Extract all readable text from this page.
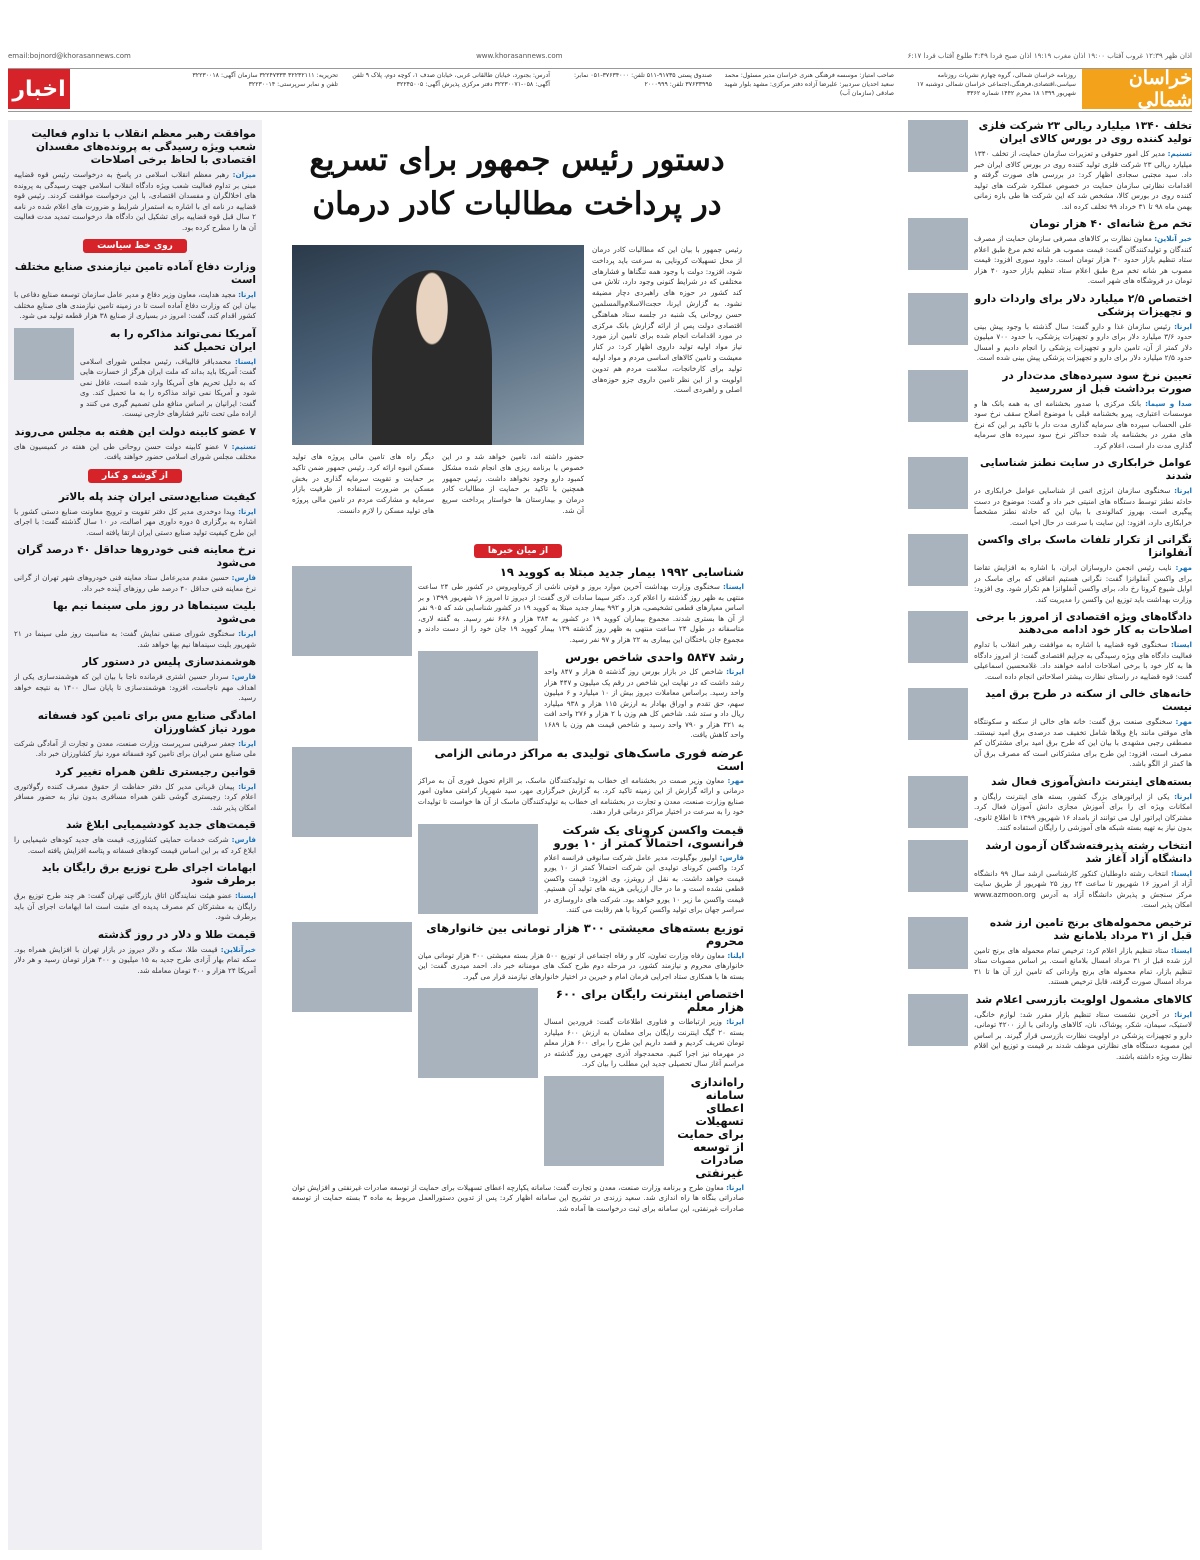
اذان ظهر ۱۲:۳۹ غروب آفتاب ۱۹:۰۰ اذان مغرب ۱۹:۱۹ اذان صبح فردا ۴:۴۹ طلوع آفتاب فردا ۶:۱۷
www.khorasannews.com
email:bojnord@khorasannews.com
خراسان شمالی
روزنامه خراسان شمالی، گروه چهارم نشریات روزنامه سیاسی،اقتصادی،فرهنگی،اجتماعی خراسان شمالی دوشنبه ۱۷ شهریور ۱۳۹۹ ۱۸ محرم ۱۴۴۲ شماره ۳۳۶۲
صاحب امتیاز: موسسه فرهنگی هنری خراسان مدیر مسئول: محمد سعید احدیان سردبیر: علیرضا آزاده دفتر مرکزی: مشهد بلوار شهید صادقی (سازمان آب)
صندوق پستی ۹۱۷۳۵-۵۱۱ تلفن: ۳۷۶۳۴۰۰۰-۰۵۱ نمابر: ۳۷۶۳۳۹۹۵ تلفن: ۲۰۰۰۹۹۹
آدرس: بجنورد، خیابان طالقانی غربی، خیابان صدف ۱، کوچه دوم، پلاک ۹ تلفن آگهی: ۰۵۸-۳۲۲۳۰۰۷۱ دفتر مرکزی پذیرش آگهی: ۳۲۲۴۵۰۰۵
تحریریه: ۳۲۲۳۲۱۱۱ ۳۲۲۴۷۳۳۳ سازمان آگهی: ۳۲۲۳۰۰۱۸ تلفن و نمابر سرپرستی: ۳۲۲۳۰۰۱۴
اخبار
تخلف ۱۳۴۰ میلیارد ریالی ۲۳ شرکت فلزی تولید کننده روی در بورس کالای ایران

تسنیم: مدیر کل امور حقوقی و تعزیرات سازمان حمایت، از تخلف ۱۳۴۰ میلیارد ریالی ۲۳ شرکت فلزی تولید کننده روی در بورس کالای ایران خبر داد. سید مجتبی سجادی اظهار کرد: در بررسی های صورت گرفته و اقدامات نظارتی سازمان حمایت در خصوص عملکرد شرکت های تولید کننده روی در بورس کالا، مشخص شد که این شرکت ها طی بازه زمانی بهمن ماه ۹۸ تا ۳۱ خرداد ۹۹ تخلف کرده اند.

تخم مرغ شانه‌ای ۴۰ هزار تومان

خبر آنلاین: معاون نظارت بر کالاهای مصرفی سازمان حمایت از مصرف کنندگان و تولیدکنندگان گفت: قیمت مصوب هر شانه تخم مرغ طبق اعلام ستاد تنظیم بازار حدود ۴۰ هزار تومان است. داوود سوری افزود: قیمت مصوب هر شانه تخم مرغ طبق اعلام ستاد تنظیم بازار حدود ۴۰ هزار تومان در فروشگاه های شهر است.

اختصاص ۲/۵ میلیارد دلار برای واردات دارو و تجهیزات پزشکی

ایرنا: رئیس سازمان غذا و دارو گفت: سال گذشته با وجود پیش بینی حدود ۳/۶ میلیارد دلار برای دارو و تجهیزات پزشکی، با حدود ۷۰۰ میلیون دلار کمتر از آن، تامین دارو و تجهیزات پزشکی را انجام دادیم و امسال حدود ۲/۵ میلیارد دلار برای دارو و تجهیزات پزشکی پیش بینی شده است.

تعیین نرخ سود سپرده‌های مدت‌دار در صورت برداشت قبل از سررسید

صدا و سیما: بانک مرکزی با صدور بخشنامه ای به همه بانک ها و موسسات اعتباری، پیرو بخشنامه قبلی با موضوع اصلاح سقف نرخ سود علی الحساب سپرده های سرمایه گذاری مدت دار با تاکید بر این که نرخ های مقرر در بخشنامه یاد شده حداکثر نرخ سود سپرده های سرمایه گذاری مدت دار است، اعلام کرد.

عوامل خرابکاری در سایت نطنز شناسایی شدند

ایرنا: سخنگوی سازمان انرژی اتمی از شناسایی عوامل خرابکاری در حادثه نطنز توسط دستگاه های امنیتی خبر داد و گفت: موضوع در دست پیگیری است. بهروز کمالوندی با بیان این که حادثه نطنز مشخصاً خرابکاری دارد، افزود: این سایت با سرعت در حال احیا است.

نگرانی از تکرار تلفات ماسک برای واکسن آنفلوانزا

مهر: نایب رئیس انجمن داروسازان ایران، با اشاره به افزایش تقاضا برای واکسن آنفلوانزا گفت: نگرانی هستیم اتفاقی که برای ماسک در اوایل شیوع کرونا رخ داد، برای واکسن آنفلوانزا هم تکرار شود. وی افزود: وزارت بهداشت باید توزیع این واکسن را مدیریت کند.

دادگاه‌های ویژه اقتصادی از امروز با برخی اصلاحات به کار خود ادامه می‌دهند

ایسنا: سخنگوی قوه قضاییه با اشاره به موافقت رهبر انقلاب با تداوم فعالیت دادگاه های ویژه رسیدگی به جرایم اقتصادی گفت: از امروز دادگاه ها به کار خود با برخی اصلاحات ادامه خواهند داد. غلامحسین اسماعیلی گفت: قوه قضاییه در راستای نظارت بیشتر اصلاحاتی انجام داده است.

خانه‌های خالی از سکنه در طرح برق امید نیست

مهر: سخنگوی صنعت برق گفت: خانه های خالی از سکنه و سکونتگاه های موقتی مانند باغ ویلاها شامل تخفیف صد درصدی برق امید نیستند. مصطفی رجبی مشهدی با بیان این که طرح برق امید برای مشترکان کم مصرف است، افزود: این طرح برای مشترکانی است که مصرف برق آن ها کمتر از الگو باشد.

بسته‌های اینترنت دانش‌آموزی فعال شد

ایرنا: یکی از اپراتورهای بزرگ کشور، بسته های اینترنت رایگان و امکانات ویژه ای را برای آموزش مجازی دانش آموزان فعال کرد. مشترکان اپراتور اول می توانند از بامداد ۱۶ شهریور ۱۳۹۹ تا اطلاع ثانوی، بدون نیاز به تهیه بسته شبکه های آموزشی را رایگان استفاده کنند.

انتخاب رشته پذیرفته‌شدگان آزمون ارشد دانشگاه آزاد آغاز شد

ایسنا: انتخاب رشته داوطلبان کنکور کارشناسی ارشد سال ۹۹ دانشگاه آزاد از امروز ۱۶ شهریور تا ساعت ۲۴ روز ۲۵ شهریور از طریق سایت مرکز سنجش و پذیرش دانشگاه آزاد به آدرس www.azmoon.org امکان پذیر است.

ترخیص محموله‌های برنج تامین ارز شده قبل از ۳۱ مرداد بلامانع شد

ایسنا: ستاد تنظیم بازار اعلام کرد: ترخیص تمام محموله های برنج تامین ارز شده قبل از ۳۱ مرداد امسال بلامانع است. بر اساس مصوبات ستاد تنظیم بازار، تمام محموله های برنج وارداتی که تامین ارز آن ها تا ۳۱ مرداد امسال صورت گرفته، قابل ترخیص هستند.

کالاهای مشمول اولویت بازرسی اعلام شد

ایرنا: در آخرین نشست ستاد تنظیم بازار مقرر شد: لوازم خانگی، لاستیک، سیمان، شکر، پوشاک، نان، کالاهای وارداتی با ارز ۴۲۰۰ تومانی، دارو و تجهیزات پزشکی در اولویت نظارت بازرسی قرار گیرند. بر اساس این مصوبه دستگاه های نظارتی موظف شدند بر قیمت و توزیع این اقلام نظارت ویژه داشته باشند.

دستور رئیس جمهور برای تسریع در پرداخت مطالبات کادر درمان
رئیس جمهور با بیان این که مطالبات کادر درمان از محل تسهیلات کرونایی به سرعت باید پرداخت شود، افزود: دولت با وجود همه تنگناها و فشارهای مختلفی که در شرایط کنونی وجود دارد، تلاش می کند کشور در حوزه های راهبردی دچار مضیقه نشود. به گزارش ایرنا، حجت‌الاسلام‌والمسلمین حسن روحانی یک شنبه در جلسه ستاد هماهنگی اقتصادی دولت پس از ارائه گزارش بانک مرکزی در مورد اقدامات انجام شده برای تامین ارز مورد نیاز مواد اولیه تولید داروی اظهار کرد: در کنار معیشت و تامین کالاهای اساسی مردم و مواد اولیه تولید برای کارخانجات، سلامت مردم هم تدوین اولویت و از این نظر تامین داروی جزو حوزه‌های اصلی و راهبردی است.
حضور داشته اند، تامین خواهد شد و در این خصوص با برنامه ریزی های انجام شده مشکل کمبود دارو وجود نخواهد داشت. رئیس جمهور همچنین با تاکید بر حمایت از مطالبات کادر درمان و بیمارستان ها خواستار پرداخت سریع آن شد.
دیگر راه های تامین مالی پروژه های تولید مسکن انبوه ارائه کرد. رئیس جمهور ضمن تاکید بر حمایت و تقویت سرمایه گذاری در بخش مسکن بر ضرورت استفاده از ظرفیت بازار سرمایه و مشارکت مردم در تامین مالی پروژه های تولید مسکن را لازم دانست.
از میان خبرها
شناسایی ۱۹۹۲ بیمار جدید مبتلا به کووید ۱۹

ایسنا: سخنگوی وزارت بهداشت آخرین موارد بروز و فوتی ناشی از کروناویروس در کشور طی ۲۴ ساعت منتهی به ظهر روز گذشته را اعلام کرد. دکتر سیما سادات لاری گفت: از دیروز تا امروز ۱۶ شهریور ۱۳۹۹ و بر اساس معیارهای قطعی تشخیصی، هزار و ۹۹۲ بیمار جدید مبتلا به کووید ۱۹ در کشور شناسایی شد که ۹۰۵ نفر از آن ها بستری شدند. مجموع بیماران کووید ۱۹ در کشور به ۳۸۴ هزار و ۶۶۸ نفر رسید. به گفته لاری، متاسفانه در طول ۲۴ ساعت منتهی به ظهر روز گذشته ۱۳۹ بیمار کووید ۱۹ جان خود را از دست دادند و مجموع جان باختگان این بیماری به ۲۲ هزار و ۹۷ نفر رسید.

رشد ۵۸۴۷ واحدی شاخص بورس

ایرنا: شاخص کل در بازار بورس روز گذشته ۵ هزار و ۸۴۷ واحد رشد داشت که در نهایت این شاخص در رقم یک میلیون و ۴۴۷ هزار واحد رسید. براساس معاملات دیروز بیش از ۱۰ میلیارد و ۶ میلیون سهم، حق تقدم و اوراق بهادار به ارزش ۱۱۵ هزار و ۹۳۸ میلیارد ریال داد و ستد شد. شاخص کل هم وزن با ۲ هزار و ۲۷۶ واحد افت به ۴۲۱ هزار و ۷۹۰ واحد رسید و شاخص قیمت هم وزن با ۱۶۸۹ واحد کاهش یافت.

عرضه فوری ماسک‌های تولیدی به مراکز درمانی الزامی است

مهر: معاون وزیر صمت در بخشنامه ای خطاب به تولیدکنندگان ماسک، بر الزام تحویل فوری آن به مراکز درمانی و ارائه گزارش از این زمینه تاکید کرد. به گزارش خبرگزاری مهر، سید شهریار کرامتی معاون امور صنایع وزارت صنعت، معدن و تجارت در بخشنامه ای خطاب به تولیدکنندگان ماسک از آن ها خواست تا تولیدات خود را به سرعت در اختیار مراکز درمانی قرار دهند.

قیمت واکسن کرونای یک شرکت فرانسوی، احتمالاً کمتر از ۱۰ یورو

فارس: اولیور بوگیلوت، مدیر عامل شرکت سانوفی فرانسه اعلام کرد: واکسن کرونای تولیدی این شرکت احتمالاً کمتر از ۱۰ یورو قیمت خواهد داشت. به نقل از رویترز، وی افزود: قیمت واکسن قطعی نشده است و ما در حال ارزیابی هزینه های تولید آن هستیم. قیمت واکسن ما زیر ۱۰ یورو خواهد بود. شرکت های داروسازی در سراسر جهان برای تولید واکسن کرونا با هم رقابت می کنند.

توزیع بسته‌های معیشتی ۳۰۰ هزار تومانی بین خانوارهای محروم

ایلنا: معاون رفاه وزارت تعاون، کار و رفاه اجتماعی از توزیع ۵۰۰ هزار بسته معیشتی ۳۰۰ هزار تومانی میان خانوارهای محروم و نیازمند کشور، در مرحله دوم طرح کمک های مومنانه خبر داد. احمد میدری گفت: این بسته ها با همکاری ستاد اجرایی فرمان امام و خیرین در اختیار خانوارهای نیازمند قرار می گیرد.

اختصاص اینترنت رایگان برای ۶۰۰ هزار معلم

ایرنا: وزیر ارتباطات و فناوری اطلاعات گفت: فروردین امسال بسته ۲۰ گیگ اینترنت رایگان برای معلمان به ارزش ۶۰۰ میلیارد تومان تعریف کردیم و قصد داریم این طرح را برای ۶۰۰ هزار معلم در مهرماه نیز اجرا کنیم. محمدجواد آذری جهرمی روز گذشته در مراسم آغاز سال تحصیلی جدید این مطلب را بیان کرد.

راه‌اندازی سامانه اعطای تسهیلات برای حمایت از توسعه صادرات غیرنفتی

ایرنا: معاون طرح و برنامه وزارت صنعت، معدن و تجارت گفت: سامانه یکپارچه اعطای تسهیلات برای حمایت از توسعه صادرات غیرنفتی و افزایش توان صادراتی بنگاه ها راه اندازی شد. سعید زرندی در تشریح این سامانه اظهار کرد: پس از تدوین دستورالعمل مربوط به ماده ۳ بسته حمایت از توسعه صادرات غیرنفتی، این سامانه برای ثبت درخواست ها آماده شد.

موافقت رهبر معظم انقلاب با تداوم فعالیت شعب ویژه رسیدگی به پرونده‌های مفسدان اقتصادی با لحاظ برخی اصلاحات

میزان: رهبر معظم انقلاب اسلامی در پاسخ به درخواست رئیس قوه قضاییه مبنی بر تداوم فعالیت شعب ویژه دادگاه انقلاب اسلامی جهت رسیدگی به پرونده های اخلالگران و مفسدان اقتصادی، با این درخواست موافقت کردند. رئیس قوه قضاییه در نامه ای با اشاره به استمرار شرایط و ضرورت های اعلام شده در نامه ۲ سال قبل قوه قضاییه برای تشکیل این دادگاه ها، درخواست تمدید مدت فعالیت آن ها را مطرح کرده بود.

روی خط سیاست
وزارت دفاع آماده تامین نیازمندی صنایع مختلف است

ایرنا: مجید هدایت، معاون وزیر دفاع و مدیر عامل سازمان توسعه صنایع دفاعی با بیان این که وزارت دفاع آماده است تا در زمینه تامین نیازمندی های صنایع مختلف کشور اقدام کند، گفت: امروز در بسیاری از صنایع ۳۸ هزار قطعه تولید می شود.

آمریکا نمی‌تواند مذاکره را به ایران تحمیل کند

ایسنا: محمدباقر قالیباف، رئیس مجلس شورای اسلامی گفت: آمریکا باید بداند که ملت ایران هرگز از خسارت هایی که به دلیل تحریم های آمریکا وارد شده است، غافل نمی شود و آمریکا نمی تواند مذاکره را به ما تحمیل کند. وی گفت: ایرانیان بر اساس منافع ملی تصمیم گیری می کنند و اراده ملی تحت تاثیر فشارهای خارجی نیست.

۷ عضو کابینه دولت این هفته به مجلس می‌روند

تسنیم: ۷ عضو کابینه دولت حسن روحانی طی این هفته در کمیسیون های مختلف مجلس شورای اسلامی حضور خواهند یافت.

از گوشه و کنار
کیفیت صنایع‌دستی ایران چند پله بالاتر

ایرنا: ویدا دوخدری مدیر کل دفتر تقویت و ترویج معاونت صنایع دستی کشور با اشاره به برگزاری ۵ دوره داوری مهر اصالت، در ۱۰ سال گذشته گفت: با اجرای این طرح کیفیت تولید صنایع دستی ایران ارتقا یافته است.

نرخ معاینه فنی خودروها حداقل ۴۰ درصد گران می‌شود

فارس: حسین مقدم مدیرعامل ستاد معاینه فنی خودروهای شهر تهران از گرانی نرخ معاینه فنی حداقل ۴۰ درصد طی روزهای آینده خبر داد.

بلیت سینماها در روز ملی سینما نیم بها می‌شود

ایرنا: سخنگوی شورای صنفی نمایش گفت: به مناسبت روز ملی سینما در ۲۱ شهریور بلیت سینماها نیم بها خواهد شد.

هوشمندسازی پلیس در دستور کار

فارس: سردار حسین اشتری فرمانده ناجا با بیان این که هوشمندسازی یکی از اهداف مهم ناجاست، افزود: هوشمندسازی تا پایان سال ۱۴۰۰ به نتیجه خواهد رسید.

امادگی صنایع مس برای تامین کود فسفاته مورد نیاز کشاورزان

ایرنا: جعفر سرقینی سرپرست وزارت صنعت، معدن و تجارت از آمادگی شرکت ملی صنایع مس ایران برای تامین کود فسفاته مورد نیاز کشاورزان خبر داد.

قوانین رجیستری تلفن همراه تغییر کرد

ایرنا: پیمان قربانی مدیر کل دفتر حفاظت از حقوق مصرف کننده رگولاتوری اعلام کرد: رجیستری گوشی تلفن همراه مسافری بدون نیاز به حضور مسافر امکان پذیر شد.

قیمت‌های جدید کودشیمیایی ابلاغ شد

فارس: شرکت خدمات حمایتی کشاورزی، قیمت های جدید کودهای شیمیایی را ابلاغ کرد که بر این اساس قیمت کودهای فسفاته و پتاسه افزایش یافته است.

ابهامات اجرای طرح توزیع برق رایگان باید برطرف شود

ایسنا: عضو هیئت نمایندگان اتاق بازرگانی تهران گفت: هر چند طرح توزیع برق رایگان به مشترکان کم مصرف پدیده ای مثبت است اما ابهامات اجرای آن باید برطرف شود.

قیمت طلا و دلار در روز گذشته

خبرآنلاین: قیمت طلا، سکه و دلار دیروز در بازار تهران با افزایش همراه بود. سکه تمام بهار آزادی طرح جدید به ۱۵ میلیون و ۴۰۰ هزار تومان رسید و هر دلار آمریکا ۲۴ هزار و ۴۰۰ تومان معامله شد.
